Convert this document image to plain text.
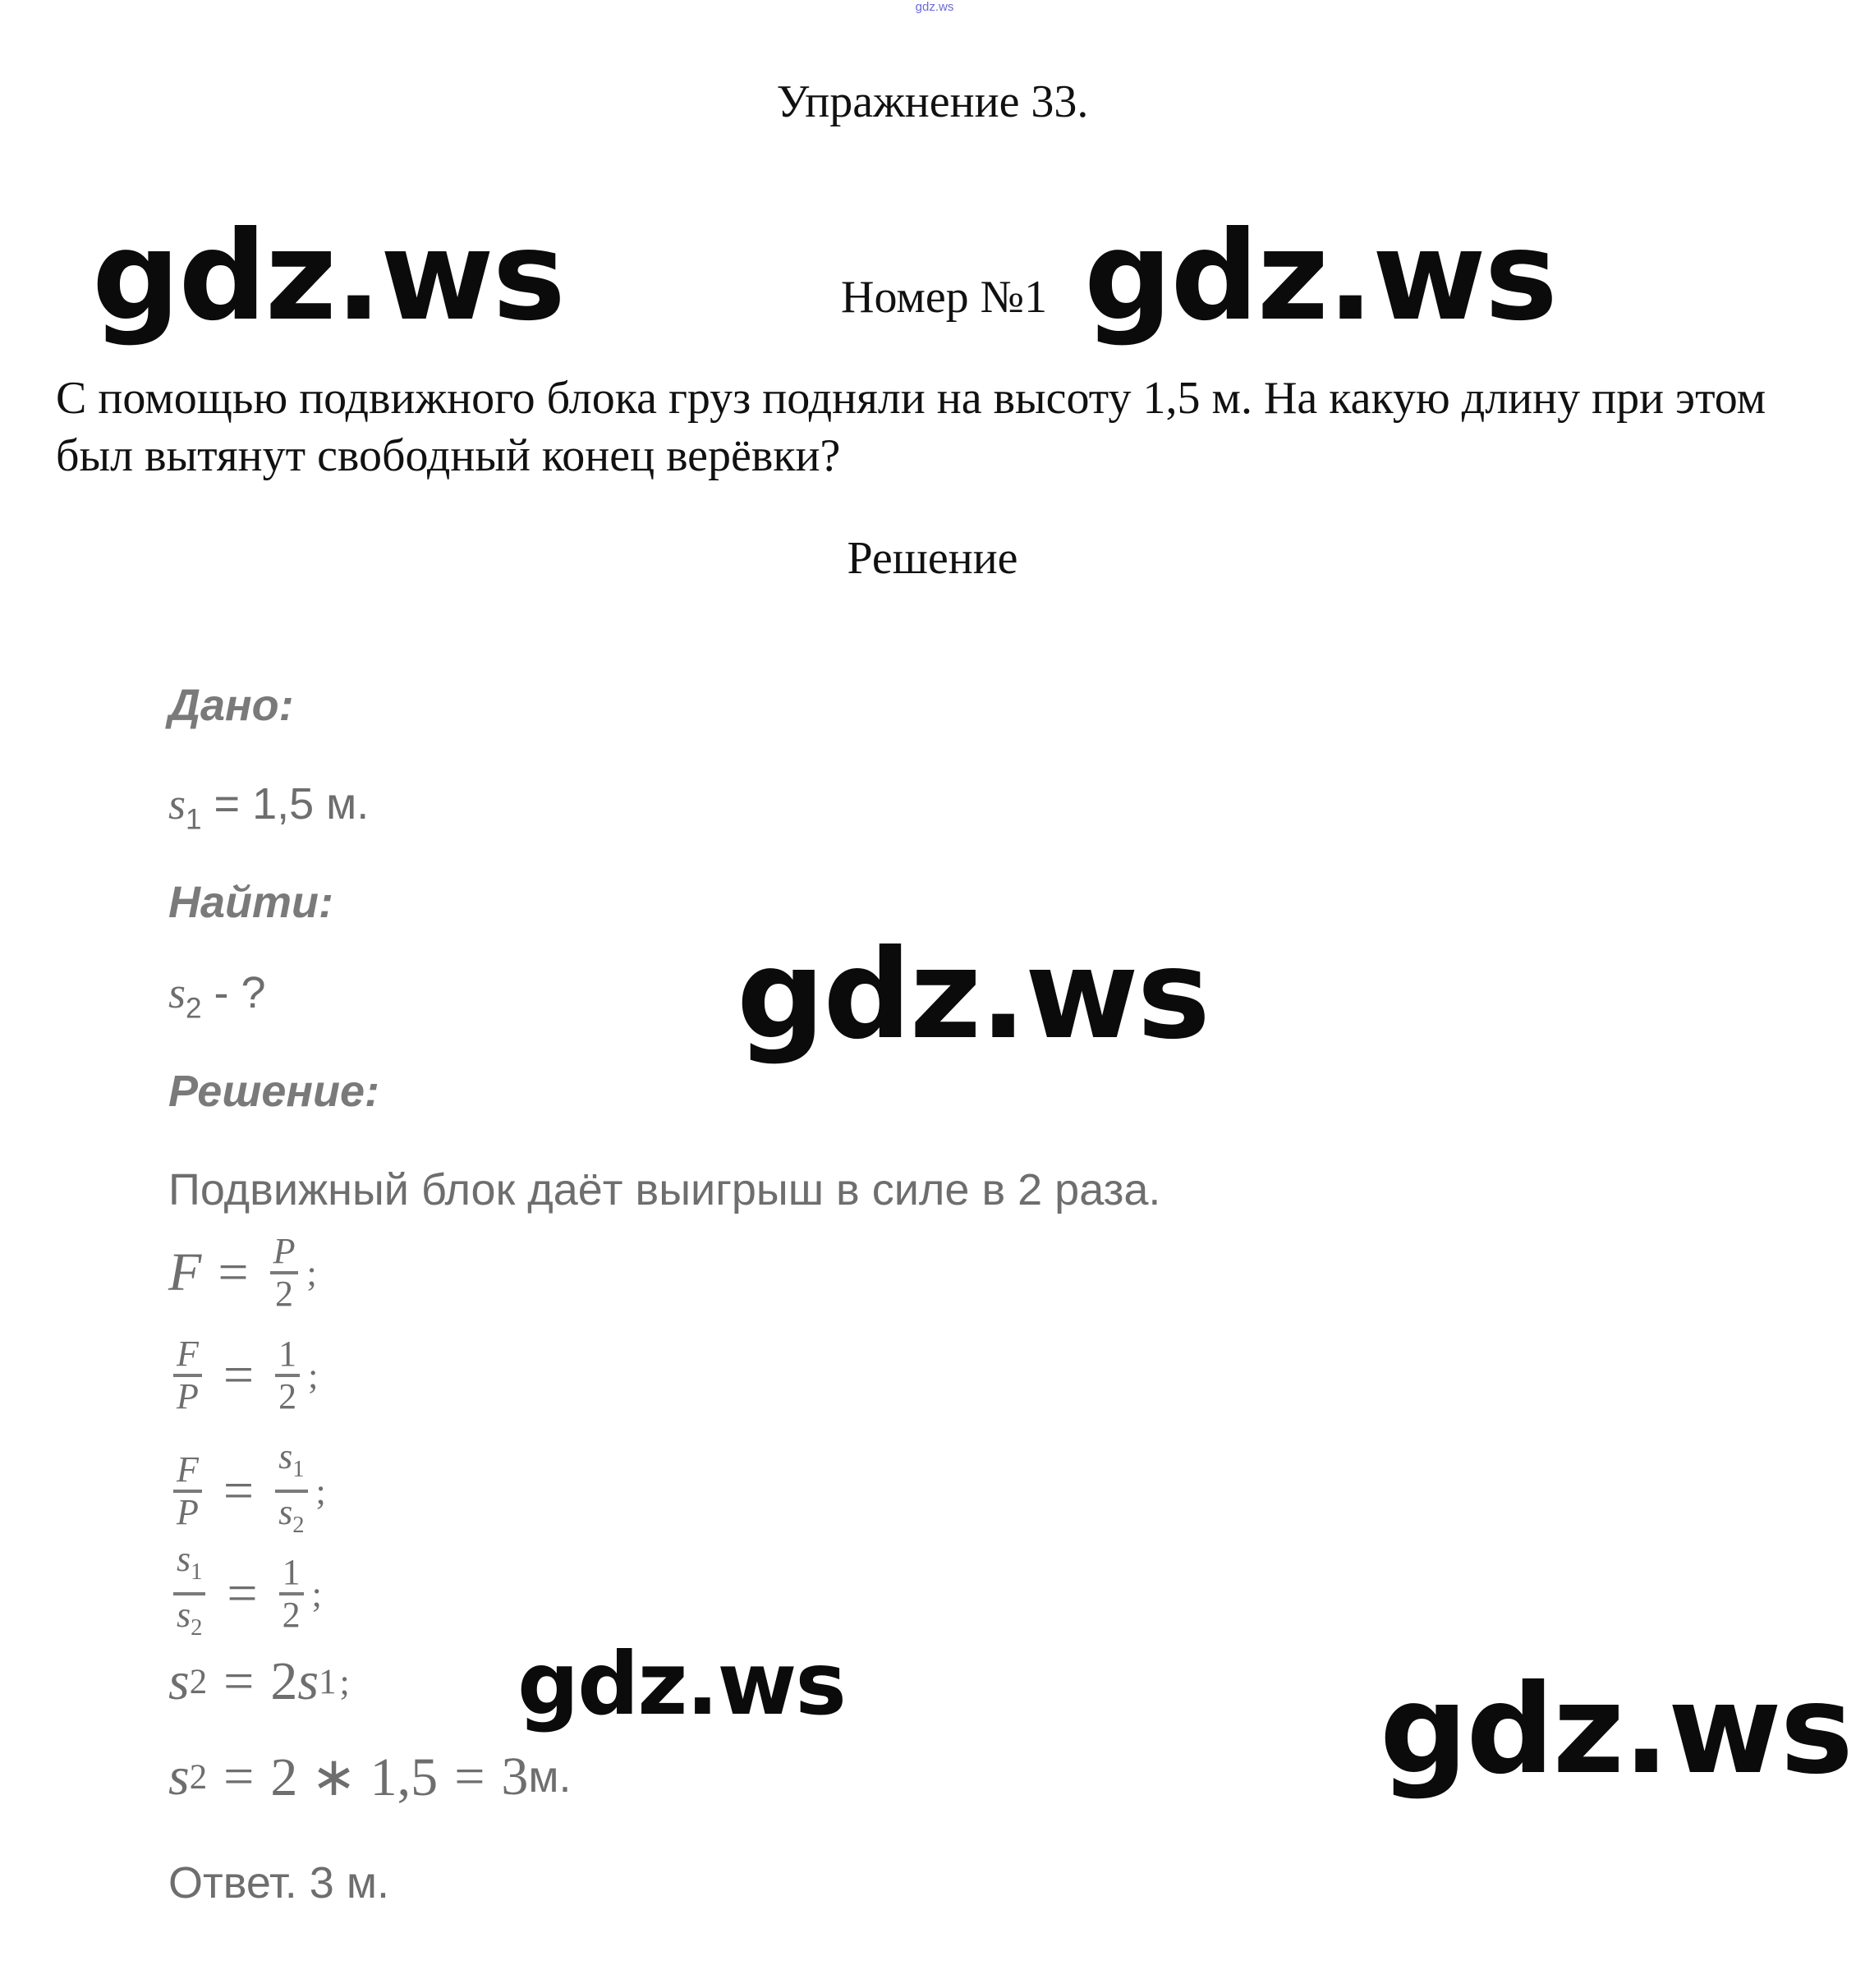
gdz.ws
Упражнение 33.
Номер №1

С помощью подвижного блока груз подняли на высоту 1,5 м. На какую длину при этом был вытянут свободный конец верёвки?

Решение
Дано:
$s_1 = 1,5$ м.
Найти:
$s_2$ - ?
Решение:
Подвижный блок даёт выигрыш в силе в 2 раза.
$F = \frac{P}{2}$ ;
$\frac{F}{P} = \frac{1}{2}$ ;
$\frac{F}{P} = \frac{s_1}{s_2}$ ;
$\frac{s_1}{s_2} = \frac{1}{2}$ ;
s 2 = 2 s 1 ;
s 2 = 2 ∗ 1,5 = 3 м.
Ответ. 3 м.
gdz.ws	gdz.ws
gdz.ws
gdz.ws	gdz.ws
